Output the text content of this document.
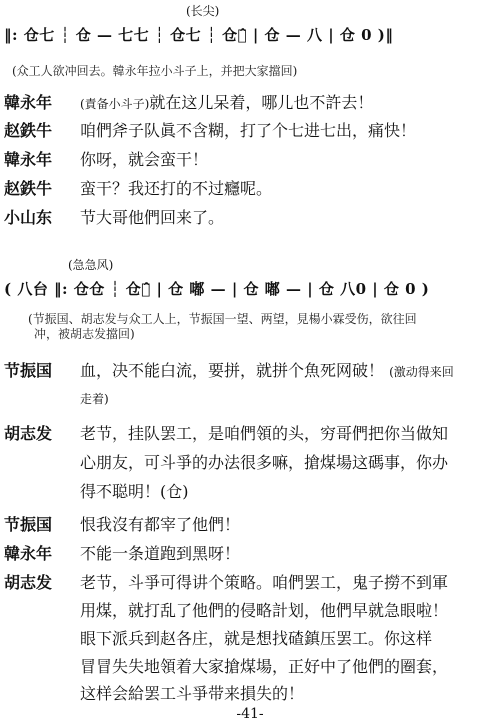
(长尖)
‖: 仓七 ┆ 仓 — 七七 ┆ 仓七 ┆ 仓七̂ | 仓 — 八 | 仓 0 )‖
(众工人欲冲回去。韓永年拉小斗子上，并把大家擋回)
韓永年	(責备小斗子)就在这儿呆着，哪儿也不許去！
赵鉄牛	咱們斧子队眞不含糊，打了个七进七出，痛快！
韓永年	你呀，就会蛮干！
赵鉄牛	蛮干？我还打的不过癮呢。
小山东	节大哥他們回来了。
(急急风)
( 八台 ‖: 仓仓 ┆ 仓七̂ | 仓 嘟 — | 仓 嘟 — | 仓 八0 | 仓 0 )
(节振国、胡志发与众工人上，节振国一望、两望，見楊小霖受伤，欲往回
冲，被胡志发擋回)
节振国	血，决不能白流，要拼，就拼个魚死网破！ (激动得来回
走着)
胡志发	老节，挂队罢工，是咱們領的头，穷哥們把你当做知
心朋友，可斗爭的办法很多嘛，搶煤場这碼事，你办
得不聪明！(仓)
节振国	恨我沒有都宰了他們！
韓永年	不能一条道跑到黑呀！
胡志发	老节，斗爭可得讲个策略。咱們罢工，鬼子撈不到軍
用煤，就打乱了他們的侵略計划，他們早就急眼啦！
眼下派兵到赵各庄，就是想找碴鎮压罢工。你这样
冒冒失失地領着大家搶煤場，正好中了他們的圈套，
这样会給罢工斗爭带来損失的！
-41-
